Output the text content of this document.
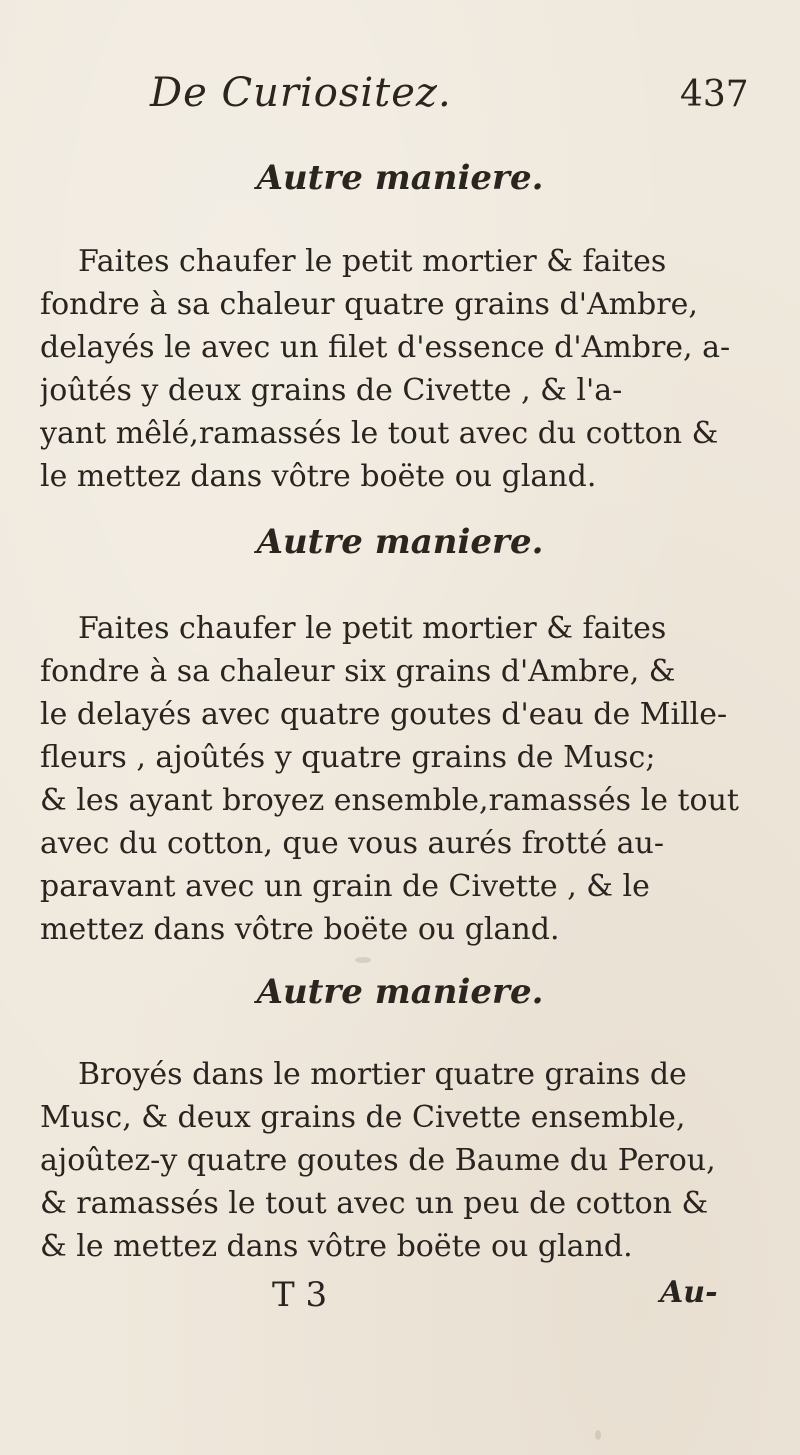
De Curiositez.	437
Autre maniere.
Faites chaufer le petit mortier & faites
fondre à sa chaleur quatre grains d'Ambre,
delayés le avec un filet d'essence d'Ambre, a-
joûtés y deux grains de Civette , & l'a-
yant mêlé,ramassés le tout avec du cotton &
le mettez dans vôtre boëte ou gland.
Autre maniere.
Faites chaufer le petit mortier & faites
fondre à sa chaleur six grains d'Ambre, &
le delayés avec quatre goutes d'eau de Mille-
fleurs , ajoûtés y quatre grains de Musc;
& les ayant broyez ensemble,ramassés le tout
avec du cotton, que vous aurés frotté au-
paravant avec un grain de Civette , & le
mettez dans vôtre boëte ou gland.
Autre maniere.
Broyés dans le mortier quatre grains de
Musc, & deux grains de Civette ensemble,
ajoûtez-y quatre goutes de Baume du Perou,
& ramassés le tout avec un peu de cotton &
& le mettez dans vôtre boëte ou gland.
T 3	Au-
